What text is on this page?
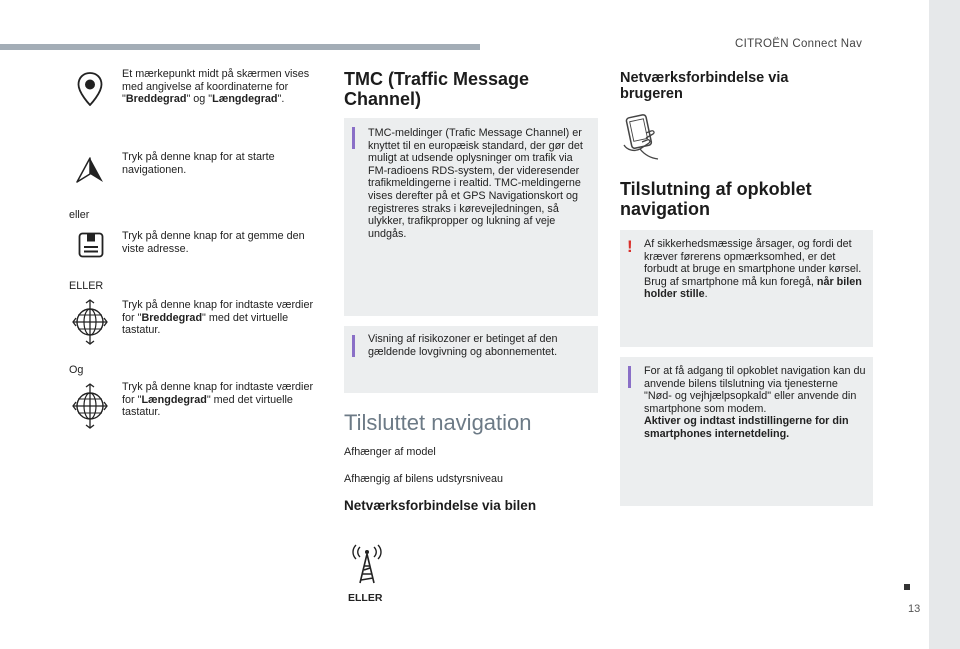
CITROËN Connect Nav
13
Et mærkepunkt midt på skærmen vises med angivelse af koordinaterne for "Breddegrad" og "Længdegrad".
Tryk på denne knap for at starte navigationen.
eller
Tryk på denne knap for at gemme den viste adresse.
ELLER
Tryk på denne knap for indtaste værdier for "Breddegrad" med det virtuelle tastatur.
Og
Tryk på denne knap for indtaste værdier for "Længdegrad" med det virtuelle tastatur.
TMC (Traffic Message Channel)
TMC-meldinger (Trafic Message Channel) er knyttet til en europæisk standard, der gør det muligt at udsende oplysninger om trafik via FM-radioens RDS-system, der videresender trafikmeldingerne i realtid. TMC-meldingerne vises derefter på et GPS Navigationskort og registreres straks i kørevejledningen, så ulykker, trafikpropper og lukning af veje undgås.
Visning af risikozoner er betinget af den gældende lovgivning og abonnementet.
Tilsluttet navigation
Afhænger af model
Afhængig af bilens udstyrsniveau
Netværksforbindelse via bilen
ELLER
Netværksforbindelse via brugeren
Tilslutning af opkoblet navigation
! Af sikkerhedsmæssige årsager, og fordi det kræver førerens opmærksomhed, er det forbudt at bruge en smartphone under kørsel.
Brug af smartphone må kun foregå, når bilen holder stille.
For at få adgang til opkoblet navigation kan du anvende bilens tilslutning via tjenesterne "Nød- og vejhjælpsopkald" eller anvende din smartphone som modem.
Aktiver og indtast indstillingerne for din smartphones internetdeling.
